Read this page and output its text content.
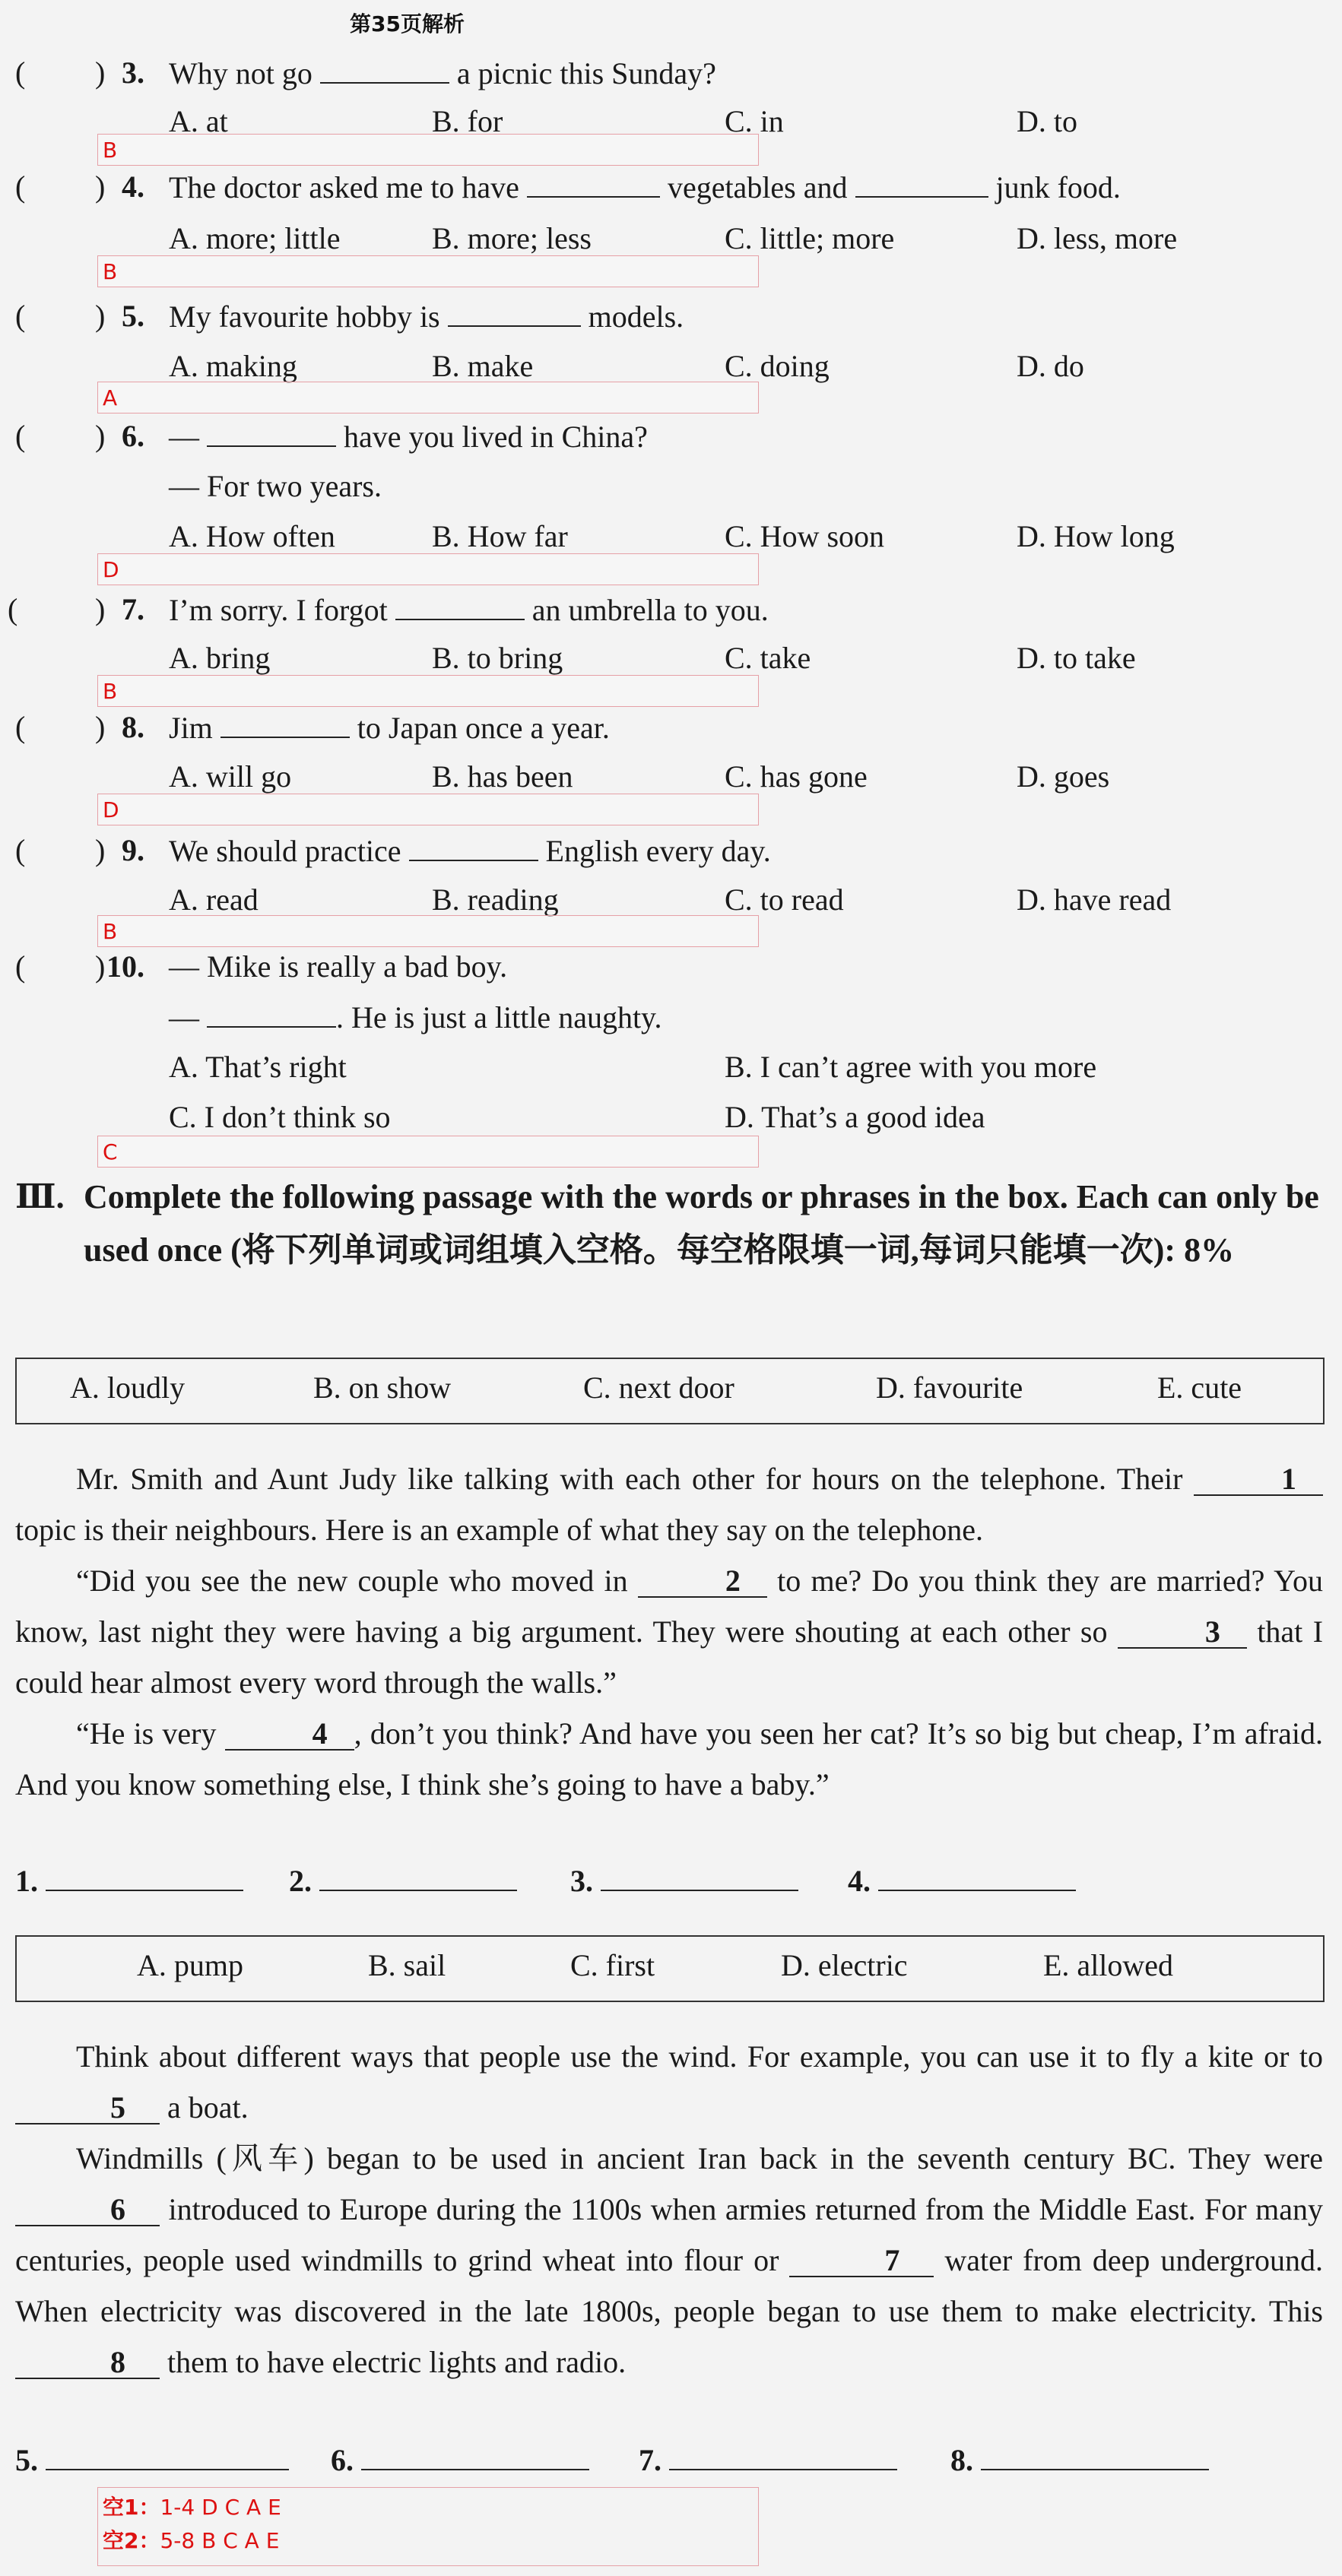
第35页解析
( ) 3. Why not go	a picnic this Sunday?
A. at	B. for	C. in	D. to
B
( ) 4. The doctor asked me to have	vegetables and	junk food.
A. more; little	B. more; less	C. little; more	D. less, more
B
( ) 5. My favourite hobby is	models.
A. making	B. make	C. doing	D. do
A
( ) 6. —	have you lived in China?
— For two years.
A. How often	B. How far	C. How soon	D. How long
D
(	) 7. I’m sorry. I forgot	an umbrella to you.
A. bring	B. to bring	C. take	D. to take
B
( ) 8. Jim	to Japan once a year.
A. will go	B. has been	C. has gone	D. goes
D
( ) 9. We should practice	English every day.
A. read	B. reading	C. to read	D. have read
B
( ) 10. — Mike is really a bad boy.
—	. He is just a little naughty.
A. That’s right	B. I can’t agree with you more
C. I don’t think so	D. That’s a good idea
C
Ⅲ. Complete the following passage with the words or phrases in the box. Each can only be used once (将下列单词或词组填入空格。每空格限填一词,每词只能填一次): 8%
A. loudly	B. on show	C. next door	D. favourite	E. cute

Mr. Smith and Aunt Judy like talking with each other for hours on the telephone. Their	1 topic is their neighbours. Here is an example of what they say on the telephone.

“Did you see the new couple who moved in	2 to me? Do you think they are married? You know, last night they were having a big argument. They were shouting at each other so	3 that I could hear almost every word through the walls.”

“He is very	4 , don’t you think? And have you seen her cat? It’s so big but cheap, I’m afraid. And you know something else, I think she’s going to have a baby.”

1.	2.	3.	4.
A. pump	B. sail	C. first	D. electric	E. allowed

Think about different ways that people use the wind. For example, you can use it to fly a kite or to 5 a boat.

Windmills (风车) began to be used in ancient Iran back in the seventh century BC. They were 6 introduced to Europe during the 1100s when armies returned from the Middle East. For many centuries, people used windmills to grind wheat into flour or	7 water from deep underground. When electricity was discovered in the late 1800s, people began to use them to make electricity. This 8 them to have electric lights and radio.

5.	6.	7.	8.
空1：1-4 D C A E
空2：5-8 B C A E
